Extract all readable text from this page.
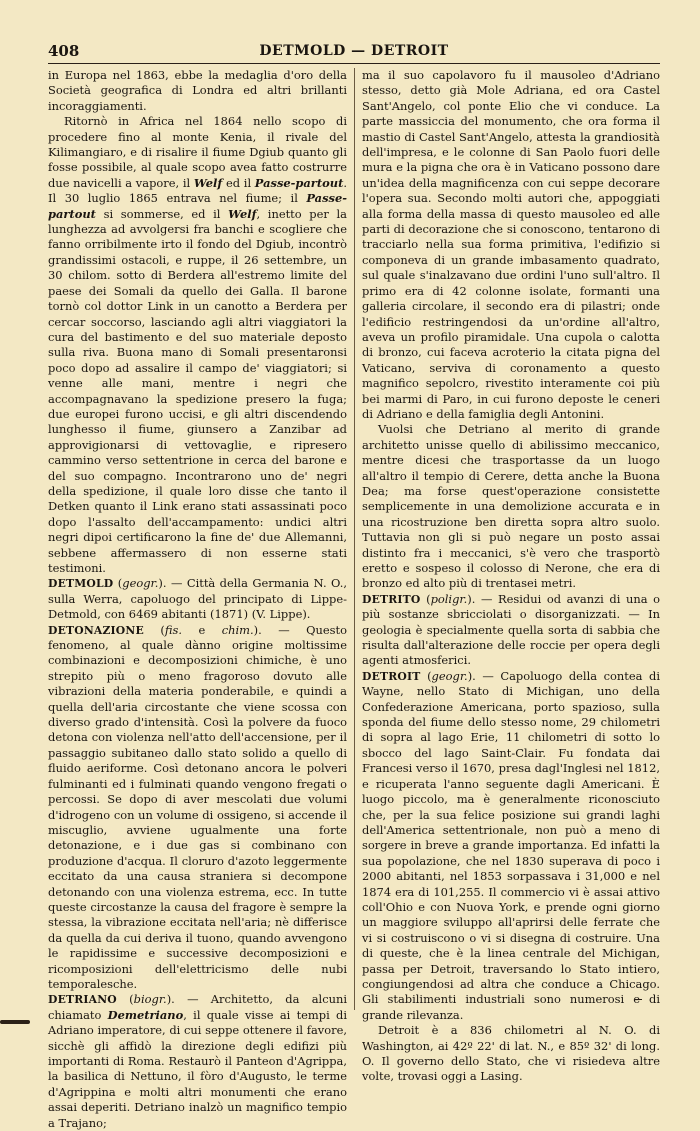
408	DETMOLD — DETROIT

in Europa nel 1863, ebbe la medaglia d'oro della Società geografica di Londra ed altri brillanti incoraggiamenti.

Ritornò in Africa nel 1864 nello scopo di procedere fino al monte Kenia, il rivale del Kilimangiaro, e di risalire il fiume Dgiub quanto gli fosse possibile, al quale scopo avea fatto costrurre due navicelli a vapore, il Welf ed il Passe-partout. Il 30 luglio 1865 entrava nel fiume; il Passe-partout si sommerse, ed il Welf, inetto per la lunghezza ad avvolgersi fra banchi e scogliere che fanno orribilmente irto il fondo del Dgiub, incontrò grandissimi ostacoli, e ruppe, il 26 settembre, un 30 chilom. sotto di Berdera all'estremo limite del paese dei Somali da quello dei Galla. Il barone tornò col dottor Link in un canotto a Berdera per cercar soccorso, lasciando agli altri viaggiatori la cura del bastimento e del suo materiale deposto sulla riva. Buona mano di Somali presentaronsi poco dopo ad assalire il campo de' viaggiatori; si venne alle mani, mentre i negri che accompagnavano la spedizione presero la fuga; due europei furono uccisi, e gli altri discendendo lunghesso il fiume, giunsero a Zanzibar ad approvigionarsi di vettovaglie, e ripresero cammino verso settentrione in cerca del barone e del suo compagno. Incontrarono uno de' negri della spedizione, il quale loro disse che tanto il Detken quanto il Link erano stati assassinati poco dopo l'assalto dell'accampamento: undici altri negri dipoi certificarono la fine de' due Allemanni, sebbene affermassero di non esserne stati testimoni.

DETMOLD (geogr.). — Città della Germania N. O., sulla Werra, capoluogo del principato di Lippe-Detmold, con 6469 abitanti (1871) (V. Lippe).

DETONAZIONE (fis. e chim.). — Questo fenomeno, al quale dànno origine moltissime combinazioni e decomposizioni chimiche, è uno strepito più o meno fragoroso dovuto alle vibrazioni della materia ponderabile, e quindi a quella dell'aria circostante che viene scossa con diverso grado d'intensità. Così la polvere da fuoco detona con violenza nell'atto dell'accensione, per il passaggio subitaneo dallo stato solido a quello di fluido aeriforme. Così detonano ancora le polveri fulminanti ed i fulminati quando vengono fregati o percossi. Se dopo di aver mescolati due volumi d'idrogeno con un volume di ossigeno, si accende il miscuglio, avviene ugualmente una forte detonazione, e i due gas si combinano con produzione d'acqua. Il cloruro d'azoto leggermente eccitato da una causa straniera si decompone detonando con una violenza estrema, ecc. In tutte queste circostanze la causa del fragore è sempre la stessa, la vibrazione eccitata nell'aria; nè differisce da quella da cui deriva il tuono, quando avvengono le rapidissime e successive decomposizioni e ricomposizioni dell'elettricismo delle nubi temporalesche.

DETRIANO (biogr.). — Architetto, da alcuni chiamato Demetriano, il quale visse ai tempi di Adriano imperatore, di cui seppe ottenere il favore, sicchè gli affidò la direzione degli edifizi più importanti di Roma. Restaurò il Panteon d'Agrippa, la basilica di Nettuno, il fòro d'Augusto, le terme d'Agrippina e molti altri monumenti che erano assai deperiti. Detriano inalzò un magnifico tempio a Trajano;

ma il suo capolavoro fu il mausoleo d'Adriano stesso, detto già Mole Adriana, ed ora Castel Sant'Angelo, col ponte Elio che vi conduce. La parte massiccia del monumento, che ora forma il mastio di Castel Sant'Angelo, attesta la grandiosità dell'impresa, e le colonne di San Paolo fuori delle mura e la pigna che ora è in Vaticano possono dare un'idea della magnificenza con cui seppe decorare l'opera sua. Secondo molti autori che, appoggiati alla forma della massa di questo mausoleo ed alle parti di decorazione che si conoscono, tentarono di tracciarlo nella sua forma primitiva, l'edifizio si componeva di un grande imbasamento quadrato, sul quale s'inalzavano due ordini l'uno sull'altro. Il primo era di 42 colonne isolate, formanti una galleria circolare, il secondo era di pilastri; onde l'edificio restringendosi da un'ordine all'altro, aveva un profilo piramidale. Una cupola o calotta di bronzo, cui faceva acroterio la citata pigna del Vaticano, serviva di coronamento a questo magnifico sepolcro, rivestito interamente coi più bei marmi di Paro, in cui furono deposte le ceneri di Adriano e della famiglia degli Antonini.

Vuolsi che Detriano al merito di grande architetto unisse quello di abilissimo meccanico, mentre dicesi che trasportasse da un luogo all'altro il tempio di Cerere, detta anche la Buona Dea; ma forse quest'operazione consistette semplicemente in una demolizione accurata e in una ricostruzione ben diretta sopra altro suolo. Tuttavia non gli si può negare un posto assai distinto fra i meccanici, s'è vero che trasportò eretto e sospeso il colosso di Nerone, che era di bronzo ed alto più di trentasei metri.

DETRITO (poligr.). — Residui od avanzi di una o più sostanze sbricciolati o disorganizzati. — In geologia è specialmente quella sorta di sabbia che risulta dall'alterazione delle roccie per opera degli agenti atmosferici.

DETROIT (geogr.). — Capoluogo della contea di Wayne, nello Stato di Michigan, uno della Confederazione Americana, porto spazioso, sulla sponda del fiume dello stesso nome, 29 chilometri di sopra al lago Erie, 11 chilometri di sotto lo sbocco del lago Saint-Clair. Fu fondata dai Francesi verso il 1670, presa dagl'Inglesi nel 1812, e ricuperata l'anno seguente dagli Americani. È luogo piccolo, ma è generalmente riconosciuto che, per la sua felice posizione sui grandi laghi dell'America settentrionale, non può a meno di sorgere in breve a grande importanza. Ed infatti la sua popolazione, che nel 1830 superava di poco i 2000 abitanti, nel 1853 sorpassava i 31,000 e nel 1874 era di 101,255. Il commercio vi è assai attivo coll'Ohio e con Nuova York, e prende ogni giorno un maggiore sviluppo all'aprirsi delle ferrate che vi si costruiscono o vi si disegna di costruire. Una di queste, che è la linea centrale del Michigan, passa per Detroit, traversando lo Stato intiero, congiungendosi ad altra che conduce a Chicago. Gli stabilimenti industriali sono numerosi e di grande rilevanza.

Detroit è a 836 chilometri al N. O. di Washington, ai 42º 22' di lat. N., e 85º 32' di long. O. Il governo dello Stato, che vi risiedeva altre volte, trovasi oggi a Lasing.
